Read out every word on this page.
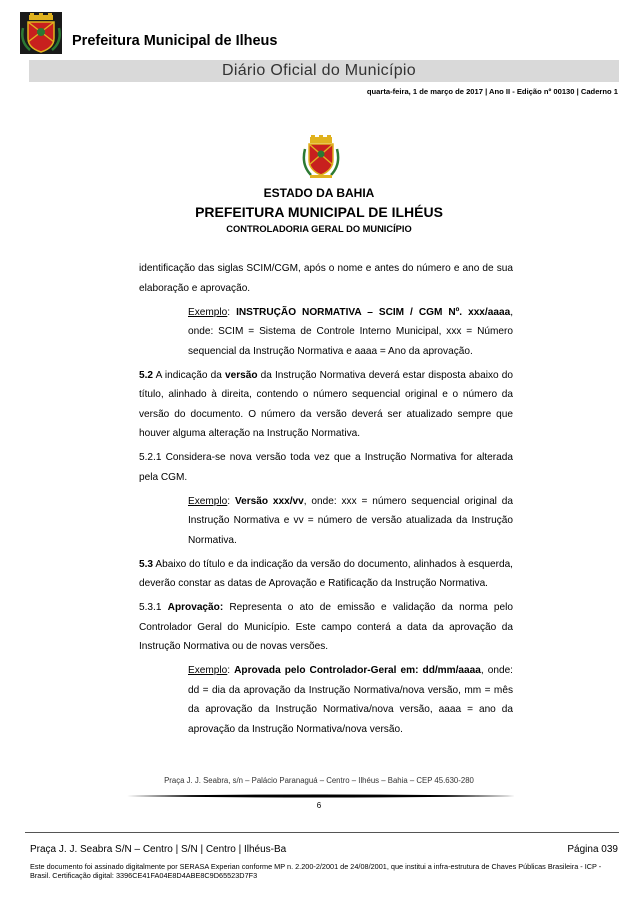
Prefeitura Municipal de Ilheus
Diário Oficial do Município
quarta-feira, 1 de março de 2017 | Ano II - Edição nº 00130 | Caderno 1
ESTADO DA BAHIA
PREFEITURA MUNICIPAL DE ILHÉUS
CONTROLADORIA GERAL DO MUNICÍPIO

identificação das siglas SCIM/CGM, após o nome e antes do número e ano de sua elaboração e aprovação.

Exemplo: INSTRUÇÃO NORMATIVA – SCIM / CGM Nº. xxx/aaaa, onde: SCIM = Sistema de Controle Interno Municipal, xxx = Número sequencial da Instrução Normativa e aaaa = Ano da aprovação.

5.2 A indicação da versão da Instrução Normativa deverá estar disposta abaixo do título, alinhado à direita, contendo o número sequencial original e o número da versão do documento. O número da versão deverá ser atualizado sempre que houver alguma alteração na Instrução Normativa.

5.2.1 Considera-se nova versão toda vez que a Instrução Normativa for alterada pela CGM.

Exemplo: Versão xxx/vv, onde: xxx = número sequencial original da Instrução Normativa e vv = número de versão atualizada da Instrução Normativa.

5.3 Abaixo do título e da indicação da versão do documento, alinhados à esquerda, deverão constar as datas de Aprovação e Ratificação da Instrução Normativa.

5.3.1 Aprovação: Representa o ato de emissão e validação da norma pelo Controlador Geral do Município. Este campo conterá a data da aprovação da Instrução Normativa ou de novas versões.

Exemplo: Aprovada pelo Controlador-Geral em: dd/mm/aaaa, onde: dd = dia da aprovação da Instrução Normativa/nova versão, mm = mês da aprovação da Instrução Normativa/nova versão, aaaa = ano da aprovação da Instrução Normativa/nova versão.

Praça J. J. Seabra, s/n – Palácio Paranaguá – Centro – Ilhéus – Bahia – CEP 45.630-280
6
Praça J. J. Seabra S/N – Centro | S/N | Centro | Ilhéus-Ba	Página 039
Este documento foi assinado digitalmente por SERASA Experian conforme MP n. 2.200-2/2001 de 24/08/2001, que institui a infra-estrutura de Chaves Públicas Brasileira - ICP - Brasil. Certificação digital: 3396CE41FA04E8D4ABE8C9D65523D7F3
